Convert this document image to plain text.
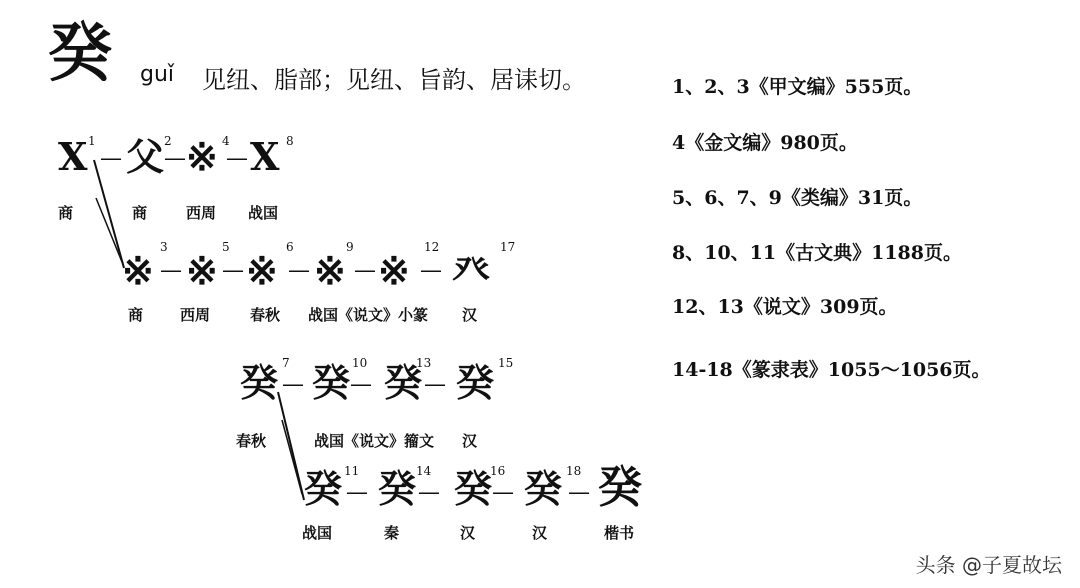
癸 guǐ 见纽、脂部；见纽、旨韵、居诔切。	1、2、3《甲文编》555页。
4《金文编》980页。
5、6、7、9《类编》31页。
8、10、11《古文典》1188页。
12、13《说文》309页。
14-18《篆隶表》1055～1056页。
X 1
— 父 2
— ※ 4
— Ⅹ 8
商	商	西周 战国
※
3
— ※
5
— ※
6
— ※
9
— ※
12
— 癶
17
商 西周	春秋 战国《说文》小篆 汉
癸 7
— 癸 10
— 癸
13
— 癸 15
春秋	战国《说文》籀文 汉
癸 11
— 癸 14
— 癸
16
— 癸 18
— 癸
战国	秦	汉	汉	楷书
头条 @子夏故坛
